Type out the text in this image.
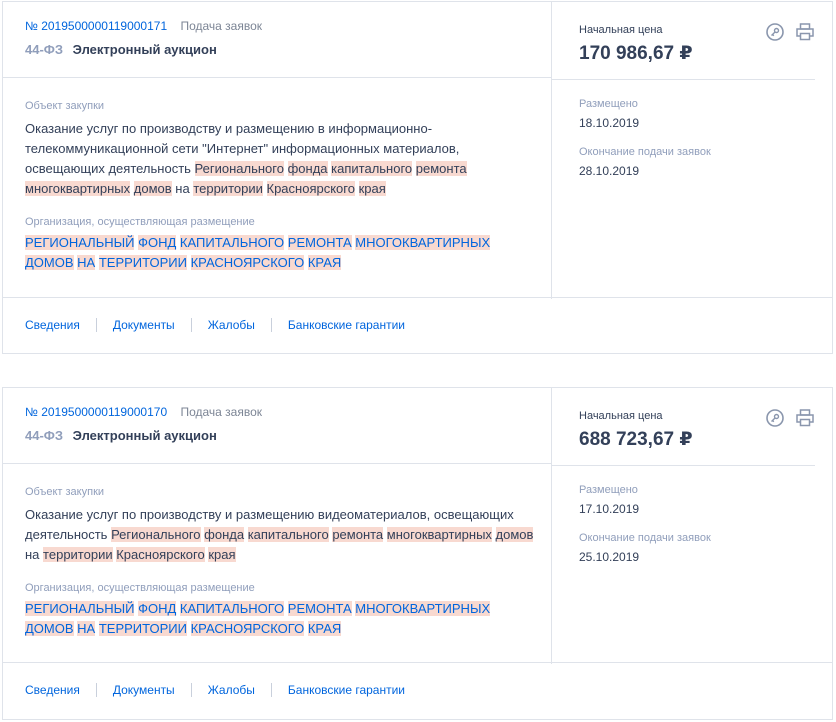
№ 2019500000119000171 Подача заявок
44-ФЗ Электронный аукцион
Объект закупки
Оказание услуг по производству и размещению в информационно-телекоммуникационной сети "Интернет" информационных материалов, освещающих деятельность Регионального фонда капитального ремонта многоквартирных домов на территории Красноярского края
Организация, осуществляющая размещение
РЕГИОНАЛЬНЫЙ ФОНД КАПИТАЛЬНОГО РЕМОНТА МНОГОКВАРТИРНЫХ ДОМОВ НА ТЕРРИТОРИИ КРАСНОЯРСКОГО КРАЯ
Начальная цена
170 986,67 ₽
Размещено
18.10.2019
Окончание подачи заявок
28.10.2019
Сведения	Документы	Жалобы	Банковские гарантии
№ 2019500000119000170 Подача заявок
44-ФЗ Электронный аукцион
Объект закупки
Оказание услуг по производству и размещению видеоматериалов, освещающих деятельность Регионального фонда капитального ремонта многоквартирных домов на территории Красноярского края
Организация, осуществляющая размещение
РЕГИОНАЛЬНЫЙ ФОНД КАПИТАЛЬНОГО РЕМОНТА МНОГОКВАРТИРНЫХ ДОМОВ НА ТЕРРИТОРИИ КРАСНОЯРСКОГО КРАЯ
Начальная цена
688 723,67 ₽
Размещено
17.10.2019
Окончание подачи заявок
25.10.2019
Сведения	Документы	Жалобы	Банковские гарантии
